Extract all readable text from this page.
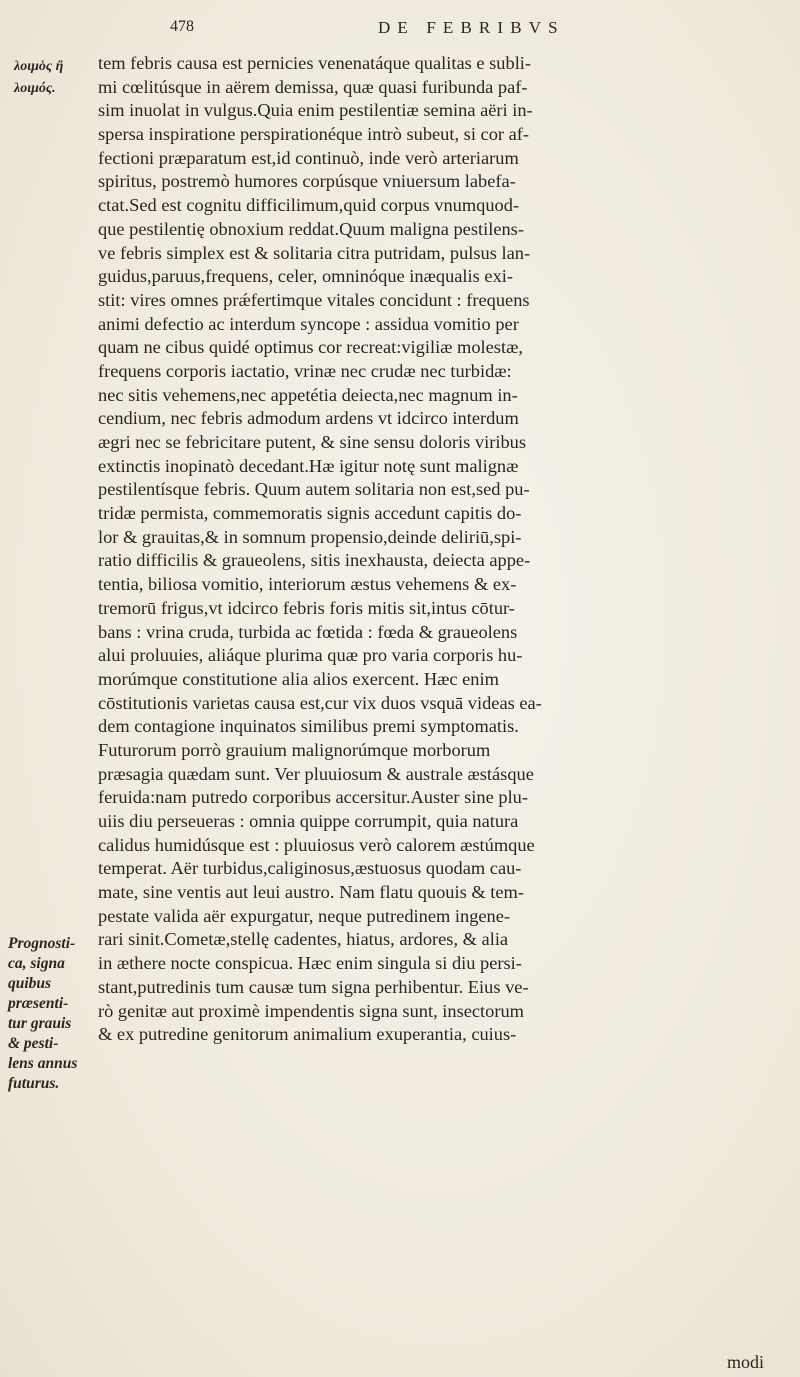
478	DE FEBRIBVS
λοιμὸς ἢ
λοιμός.
tem febris causa est pernicies venenatáque qualitas e subli-
mi cœlitúsque in aërem demissa, quæ quasi furibunda paf-
sim inuolat in vulgus.Quia enim pestilentiæ semina aëri in-
spersa inspiratione perspirationéque intrò subeut, si cor af-
fectioni præparatum est,id continuò, inde verò arteriarum
spiritus, postremò humores corpúsque vniuersum labefa-
ctat.Sed est cognitu difficilimum,quid corpus vnumquod-
que pestilentię obnoxium reddat.Quum maligna pestilens-
ve febris simplex est & solitaria citra putridam, pulsus lan-
guidus,paruus,frequens, celer, omninóque inæqualis exi-
stit: vires omnes prǽfertimque vitales concidunt : frequens
animi defectio ac interdum syncope : assidua vomitio per
quam ne cibus quidé optimus cor recreat:vigiliæ molestæ,
frequens corporis iactatio, vrinæ nec crudæ nec turbidæ:
nec sitis vehemens,nec appetétia deiecta,nec magnum in-
cendium, nec febris admodum ardens vt idcirco interdum
ægri nec se febricitare putent, & sine sensu doloris viribus
extinctis inopinatò decedant.Hæ igitur notę sunt malignæ
pestilentísque febris. Quum autem solitaria non est,sed pu-
tridæ permista, commemoratis signis accedunt capitis do-
lor & grauitas,& in somnum propensio,deinde deliriū,spi-
ratio difficilis & graueolens, sitis inexhausta, deiecta appe-
tentia, biliosa vomitio, interiorum æstus vehemens & ex-
tremorū frigus,vt idcirco febris foris mitis sit,intus cōtur-
bans : vrina cruda, turbida ac fœtida : fœda & graueolens
alui proluuies, aliáque plurima quæ pro varia corporis hu-
morúmque constitutione alia alios exercent. Hæc enim
cōstitutionis varietas causa est,cur vix duos vsquā videas ea-
dem contagione inquinatos similibus premi symptomatis.
Futurorum porrò grauium malignorúmque morborum
præsagia quædam sunt. Ver pluuiosum & australe æstásque
feruida:nam putredo corporibus accersitur.Auster sine plu-
uiis diu perseueras : omnia quippe corrumpit, quia natura
calidus humidúsque est : pluuiosus verò calorem æstúmque
temperat. Aër turbidus,caliginosus,æstuosus quodam cau-
mate, sine ventis aut leui austro. Nam flatu quouis & tem-
pestate valida aër expurgatur, neque putredinem ingene-
rari sinit.Cometæ,stellę cadentes, hiatus, ardores, & alia
in æthere nocte conspicua. Hæc enim singula si diu persi-
stant,putredinis tum causæ tum signa perhibentur. Eius ve-
rò genitæ aut proximè impendentis signa sunt, insectorum
& ex putredine genitorum animalium exuperantia, cuius-
Prognosti-
ca, signa
quibus
præsenti-
tur grauis
& pesti-
lens annus
futurus.
modi
